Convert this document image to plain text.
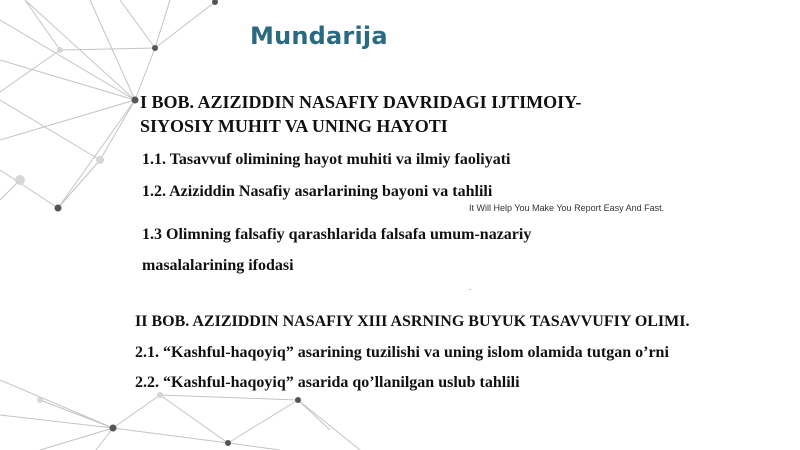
Mundarija
I BOB. AZIZIDDIN NASAFIY DAVRIDAGI IJTIMOIY-
SIYOSIY MUHIT VA UNING HAYOTI
1.1. Tasavvuf olimining hayot muhiti va ilmiy faoliyati
1.2. Aziziddin Nasafiy asarlarining bayoni va tahlili
It Will Help You Make You Report Easy And Fast.
1.3 Olimning falsafiy qarashlarida falsafa umum-nazariy
masalalarining ifodasi
.
II BOB. AZIZIDDIN NASAFIY XIII ASRNING BUYUK TASAVVUFIY OLIMI.
2.1. “Kashful-haqoyiq” asarining tuzilishi va uning islom olamida tutgan o’rni
2.2. “Kashful-haqoyiq” asarida qo’llanilgan uslub tahlili
